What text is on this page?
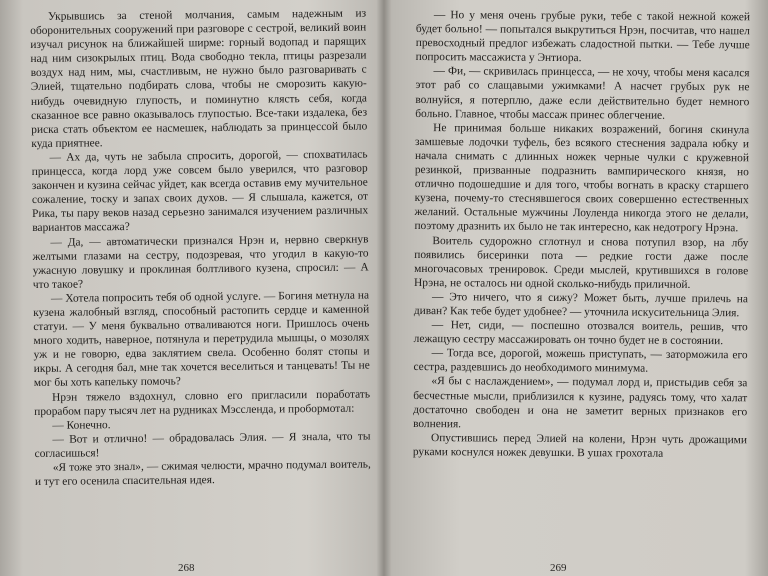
Укрывшись за стеной молчания, самым надежным из оборонительных сооружений при разговоре с сестрой, великий воин изучал рисунок на ближайшей ширме: горный водопад и парящих над ним сизокрылых птиц. Вода свободно текла, птицы разрезали воздух над ним, мы, счастливым, не нужно было разговаривать с Элией, тщательно подбирать слова, чтобы не сморозить какую-нибудь очевидную глупость, и поминутно клясть себя, когда сказанное все равно оказывалось глупостью. Все-таки издалека, без риска стать объектом ее насмешек, наблюдать за принцессой было куда приятнее.

— Ах да, чуть не забыла спросить, дорогой, — спохватилась принцесса, когда лорд уже совсем было уверился, что разговор закончен и кузина сейчас уйдет, как всегда оставив ему мучительное сожаление, тоску и запах своих духов. — Я слышала, кажется, от Рика, ты пару веков назад серьезно занимался изучением различных вариантов массажа?

— Да, — автоматически признался Нрэн и, нервно сверкнув желтыми глазами на сестру, подозревая, что угодил в какую-то ужасную ловушку и проклиная болтливого кузена, спросил: — А что такое?

— Хотела попросить тебя об одной услуге. — Богиня метнула на кузена жалобный взгляд, способный растопить сердце и каменной статуи. — У меня буквально отваливаются ноги. Пришлось очень много ходить, наверное, потянула и перетрудила мышцы, о мозолях уж и не говорю, едва заклятием свела. Особенно болят стопы и икры. А сегодня бал, мне так хочется веселиться и танцевать! Ты не мог бы хоть капельку помочь?

Нрэн тяжело вздохнул, словно его пригласили поработать прорабом пару тысяч лет на рудниках Мэссленда, и пробормотал:

— Конечно.

— Вот и отлично! — обрадовалась Элия. — Я знала, что ты согласишься!

«Я тоже это знал», — сжимая челюсти, мрачно подумал воитель, и тут его осенила спасительная идея.

268

— Но у меня очень грубые руки, тебе с такой нежной кожей будет больно! — попытался выкрутиться Нрэн, посчитав, что нашел превосходный предлог избежать сладостной пытки. — Тебе лучше попросить массажиста у Энтиора.

— Фи, — скривилась принцесса, — не хочу, чтобы меня касался этот раб со слащавыми ужимками! А насчет грубых рук не волнуйся, я потерплю, даже если действительно будет немного больно. Главное, чтобы массаж принес облегчение.

Не принимая больше никаких возражений, богиня скинула замшевые лодочки туфель, без всякого стеснения задрала юбку и начала снимать с длинных ножек черные чулки с кружевной резинкой, призванные подразнить вампирического князя, но отлично подошедшие и для того, чтобы вогнать в краску старшего кузена, почему-то стеснявшегося своих совершенно естественных желаний. Остальные мужчины Лоуленда никогда этого не делали, поэтому дразнить их было не так интересно, как недотрогу Нрэна.

Воитель судорожно сглотнул и снова потупил взор, на лбу появились бисеринки пота — редкие гости даже после многочасовых тренировок. Среди мыслей, крутившихся в голове Нрэна, не осталось ни одной сколько-нибудь приличной.

— Это ничего, что я сижу? Может быть, лучше прилечь на диван? Как тебе будет удобнее? — уточнила искусительница Элия.

— Нет, сиди, — поспешно отозвался воитель, решив, что лежащую сестру массажировать он точно будет не в состоянии.

— Тогда все, дорогой, можешь приступать, — заторможила его сестра, раздевшись до необходимого минимума.

«Я бы с наслаждением», — подумал лорд и, пристыдив себя за бесчестные мысли, приблизился к кузине, радуясь тому, что халат достаточно свободен и она не заметит верных признаков его волнения.

Опустившись перед Элией на колени, Нрэн чуть дрожащими руками коснулся ножек девушки. В ушах грохотала

269
